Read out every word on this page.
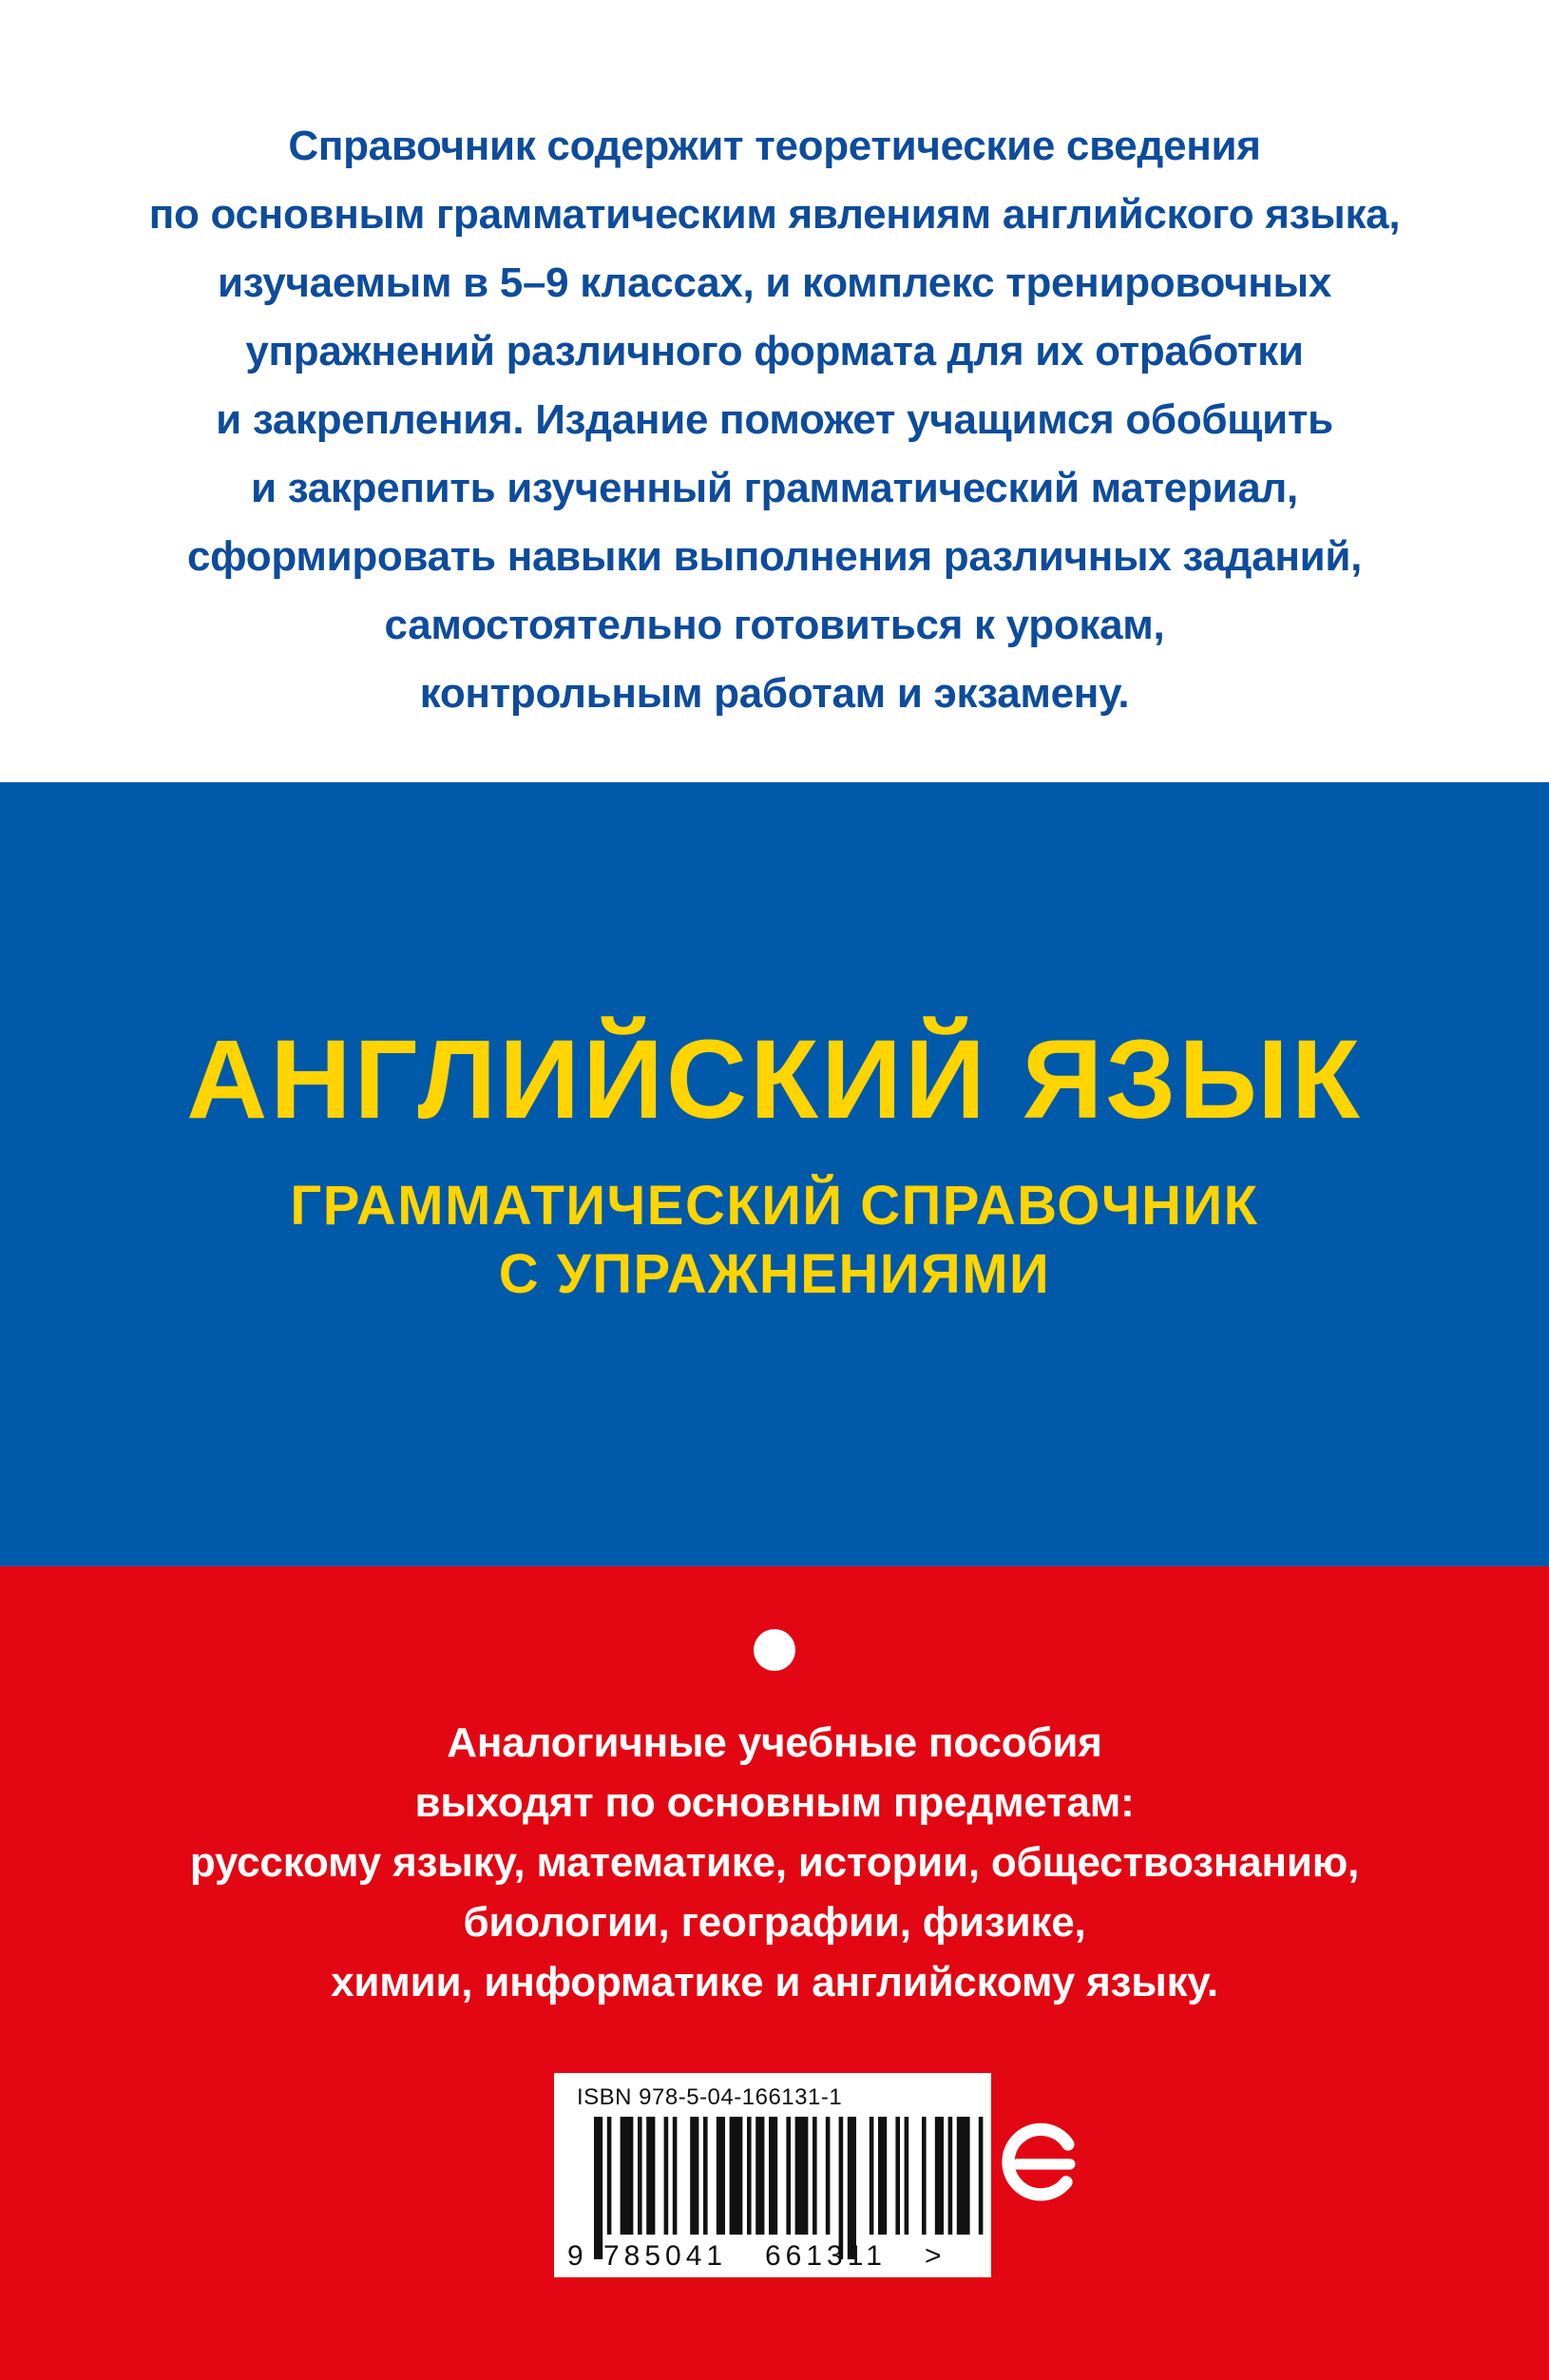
Справочник содержит теоретические сведения
по основным грамматическим явлениям английского языка,
изучаемым в 5–9 классах, и комплекс тренировочных
упражнений различного формата для их отработки
и закрепления. Издание поможет учащимся обобщить
и закрепить изученный грамматический материал,
сформировать навыки выполнения различных заданий,
самостоятельно готовиться к урокам,
контрольным работам и экзамену.

АНГЛИЙСКИЙ ЯЗЫК
ГРАММАТИЧЕСКИЙ СПРАВОЧНИК
С УПРАЖНЕНИЯМИ

Аналогичные учебные пособия
выходят по основным предметам:
русскому языку, математике, истории, обществознанию,
биологии, географии, физике,
химии, информатике и английскому языку.

ISBN 978-5-04-166131-1

9 785041 661311 >
